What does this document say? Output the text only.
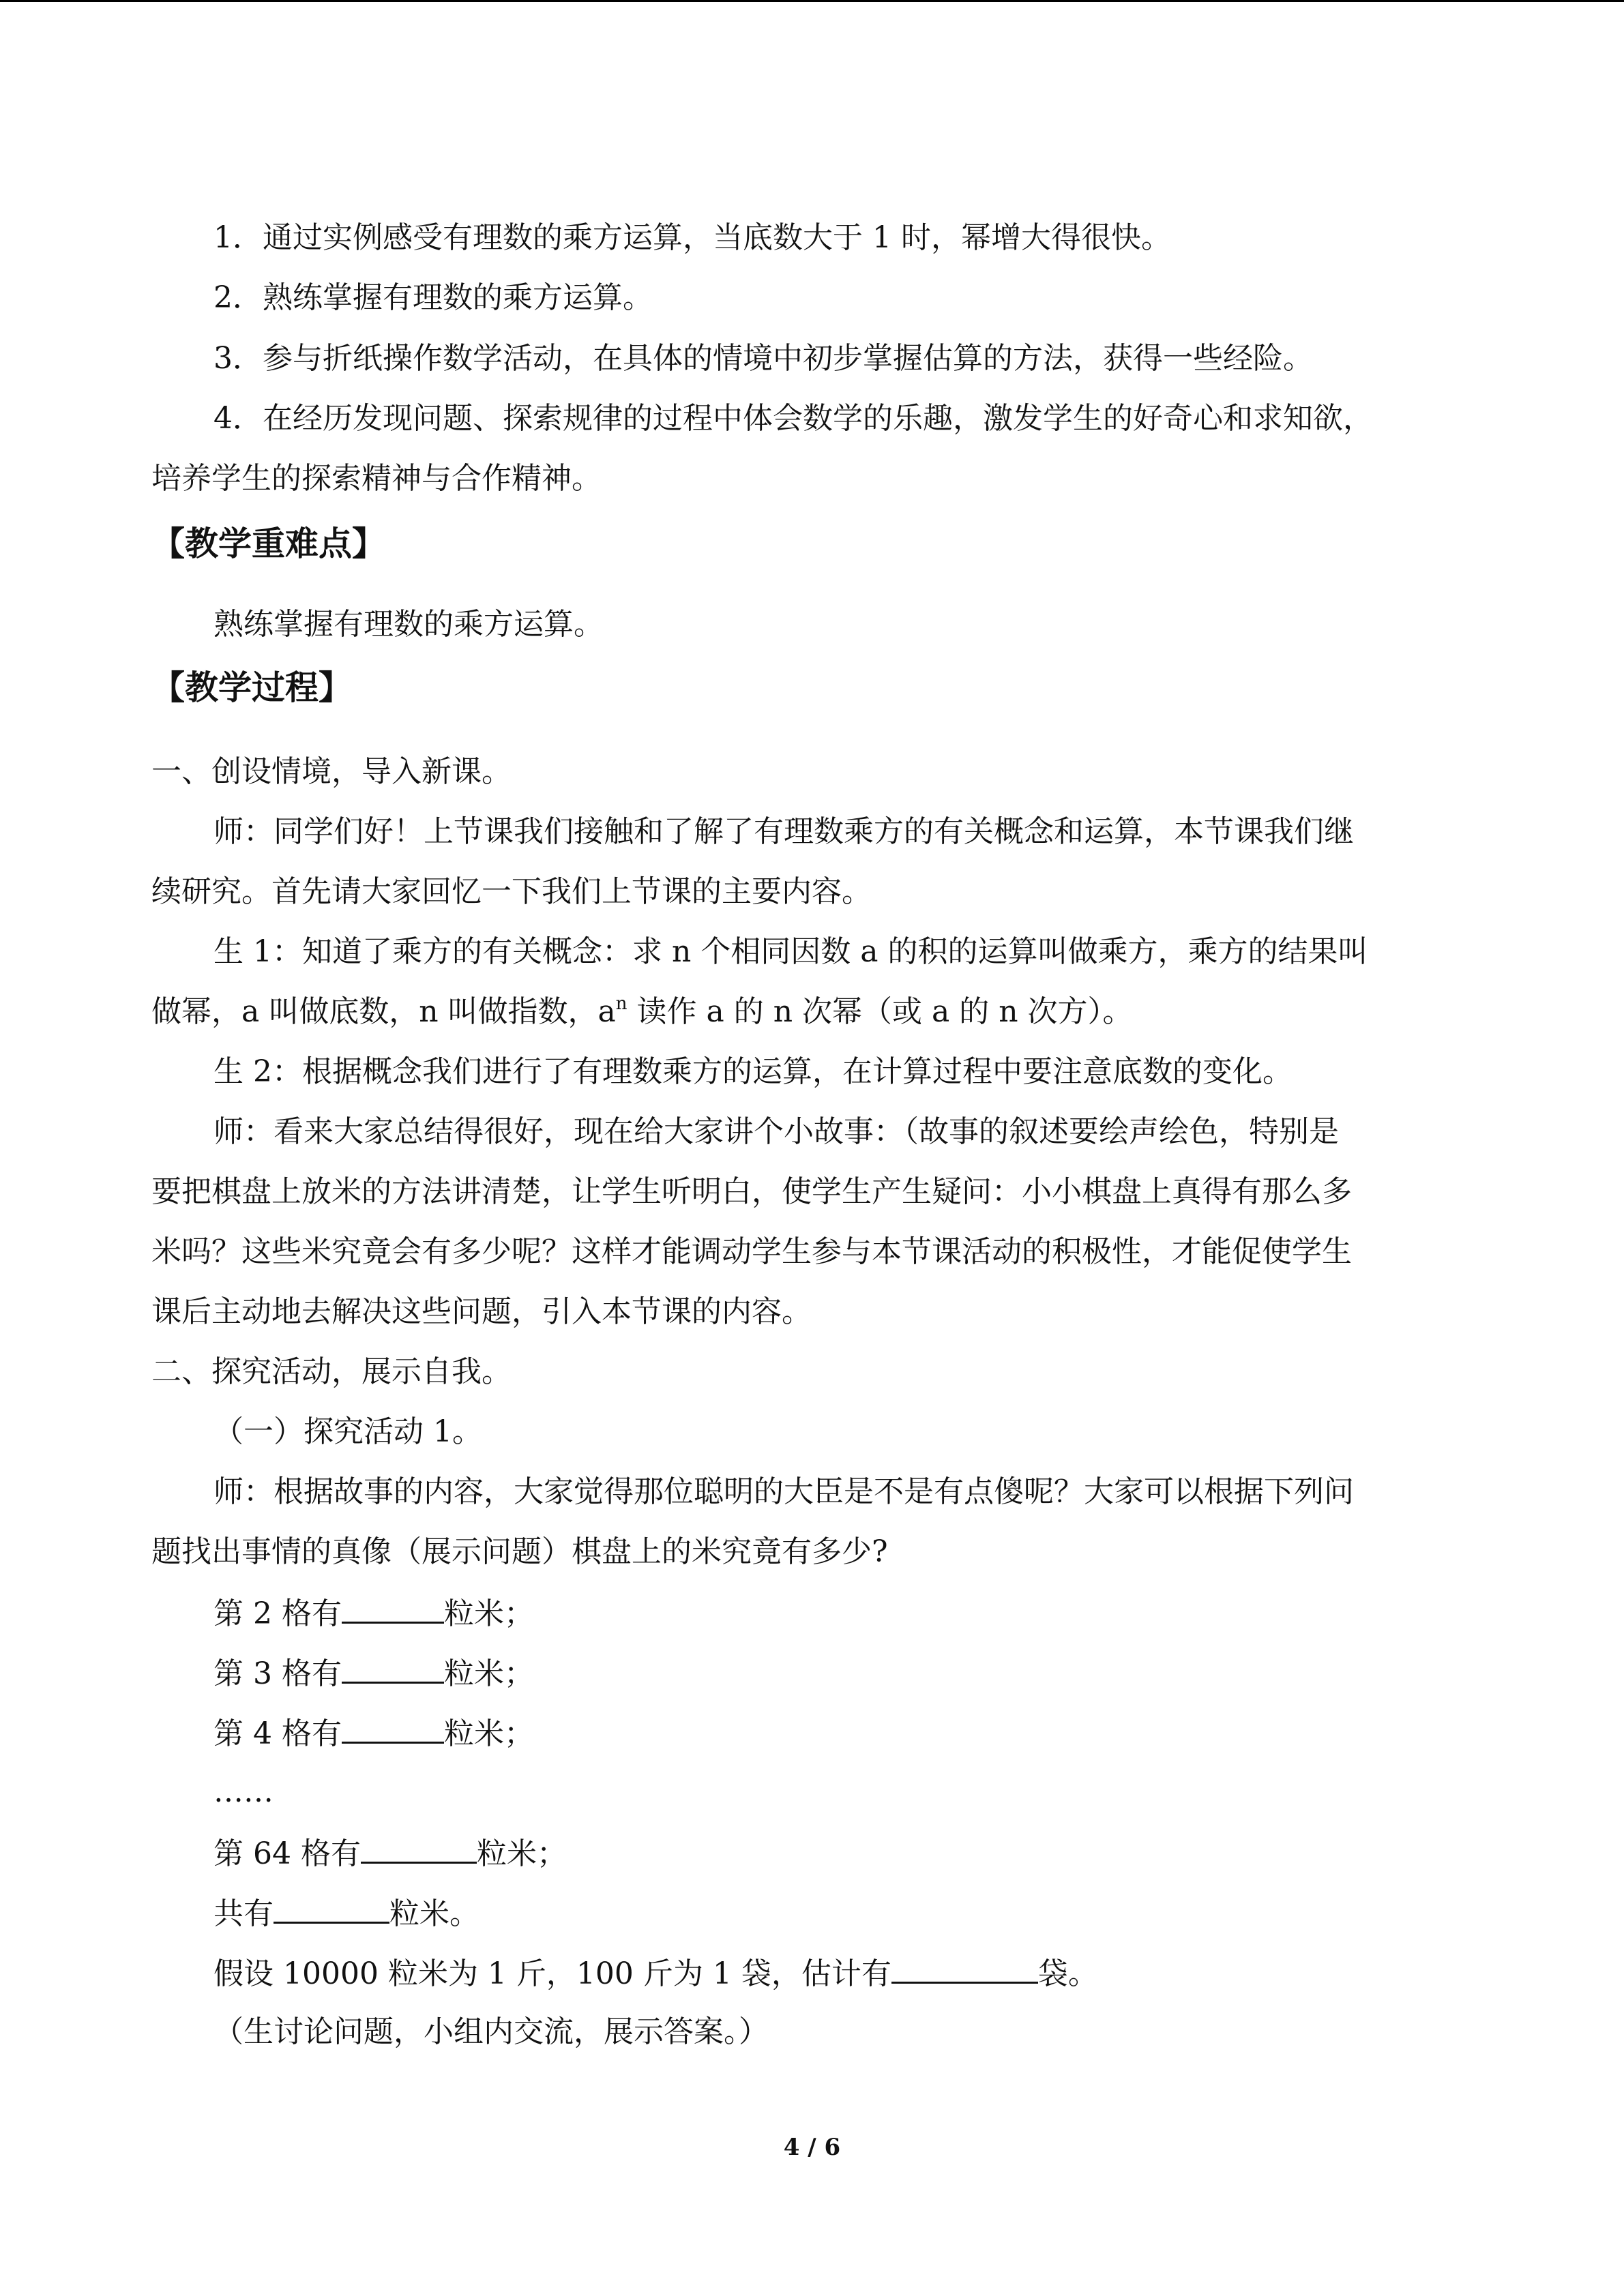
1．通过实例感受有理数的乘方运算，当底数大于 1 时，幂增大得很快。
2．熟练掌握有理数的乘方运算。
3．参与折纸操作数学活动，在具体的情境中初步掌握估算的方法，获得一些经险。
4．在经历发现问题、探索规律的过程中体会数学的乐趣，激发学生的好奇心和求知欲，
培养学生的探索精神与合作精神。
【教学重难点】
熟练掌握有理数的乘方运算。
【教学过程】
一、创设情境，导入新课。
师：同学们好！上节课我们接触和了解了有理数乘方的有关概念和运算，本节课我们继
续研究。首先请大家回忆一下我们上节课的主要内容。
生 1：知道了乘方的有关概念：求 n 个相同因数 a 的积的运算叫做乘方，乘方的结果叫
做幂，a 叫做底数，n 叫做指数，$a^n$ 读作 a 的 n 次幂（或 a 的 n 次方）。
生 2：根据概念我们进行了有理数乘方的运算，在计算过程中要注意底数的变化。
师：看来大家总结得很好，现在给大家讲个小故事：（故事的叙述要绘声绘色，特别是
要把棋盘上放米的方法讲清楚，让学生听明白，使学生产生疑问：小小棋盘上真得有那么多
米吗？这些米究竟会有多少呢？这样才能调动学生参与本节课活动的积极性，才能促使学生
课后主动地去解决这些问题，引入本节课的内容。
二、探究活动，展示自我。
（一）探究活动 1。
师：根据故事的内容，大家觉得那位聪明的大臣是不是有点傻呢？大家可以根据下列问
题找出事情的真像（展示问题）棋盘上的米究竟有多少?
第 2 格有	粒米；
第 3 格有	粒米；
第 4 格有	粒米；
……
第 64 格有	粒米；
共有	粒米。
假设 10000 粒米为 1 斤，100 斤为 1 袋，估计有	袋。
（生讨论问题，小组内交流，展示答案。）
4 / 6
